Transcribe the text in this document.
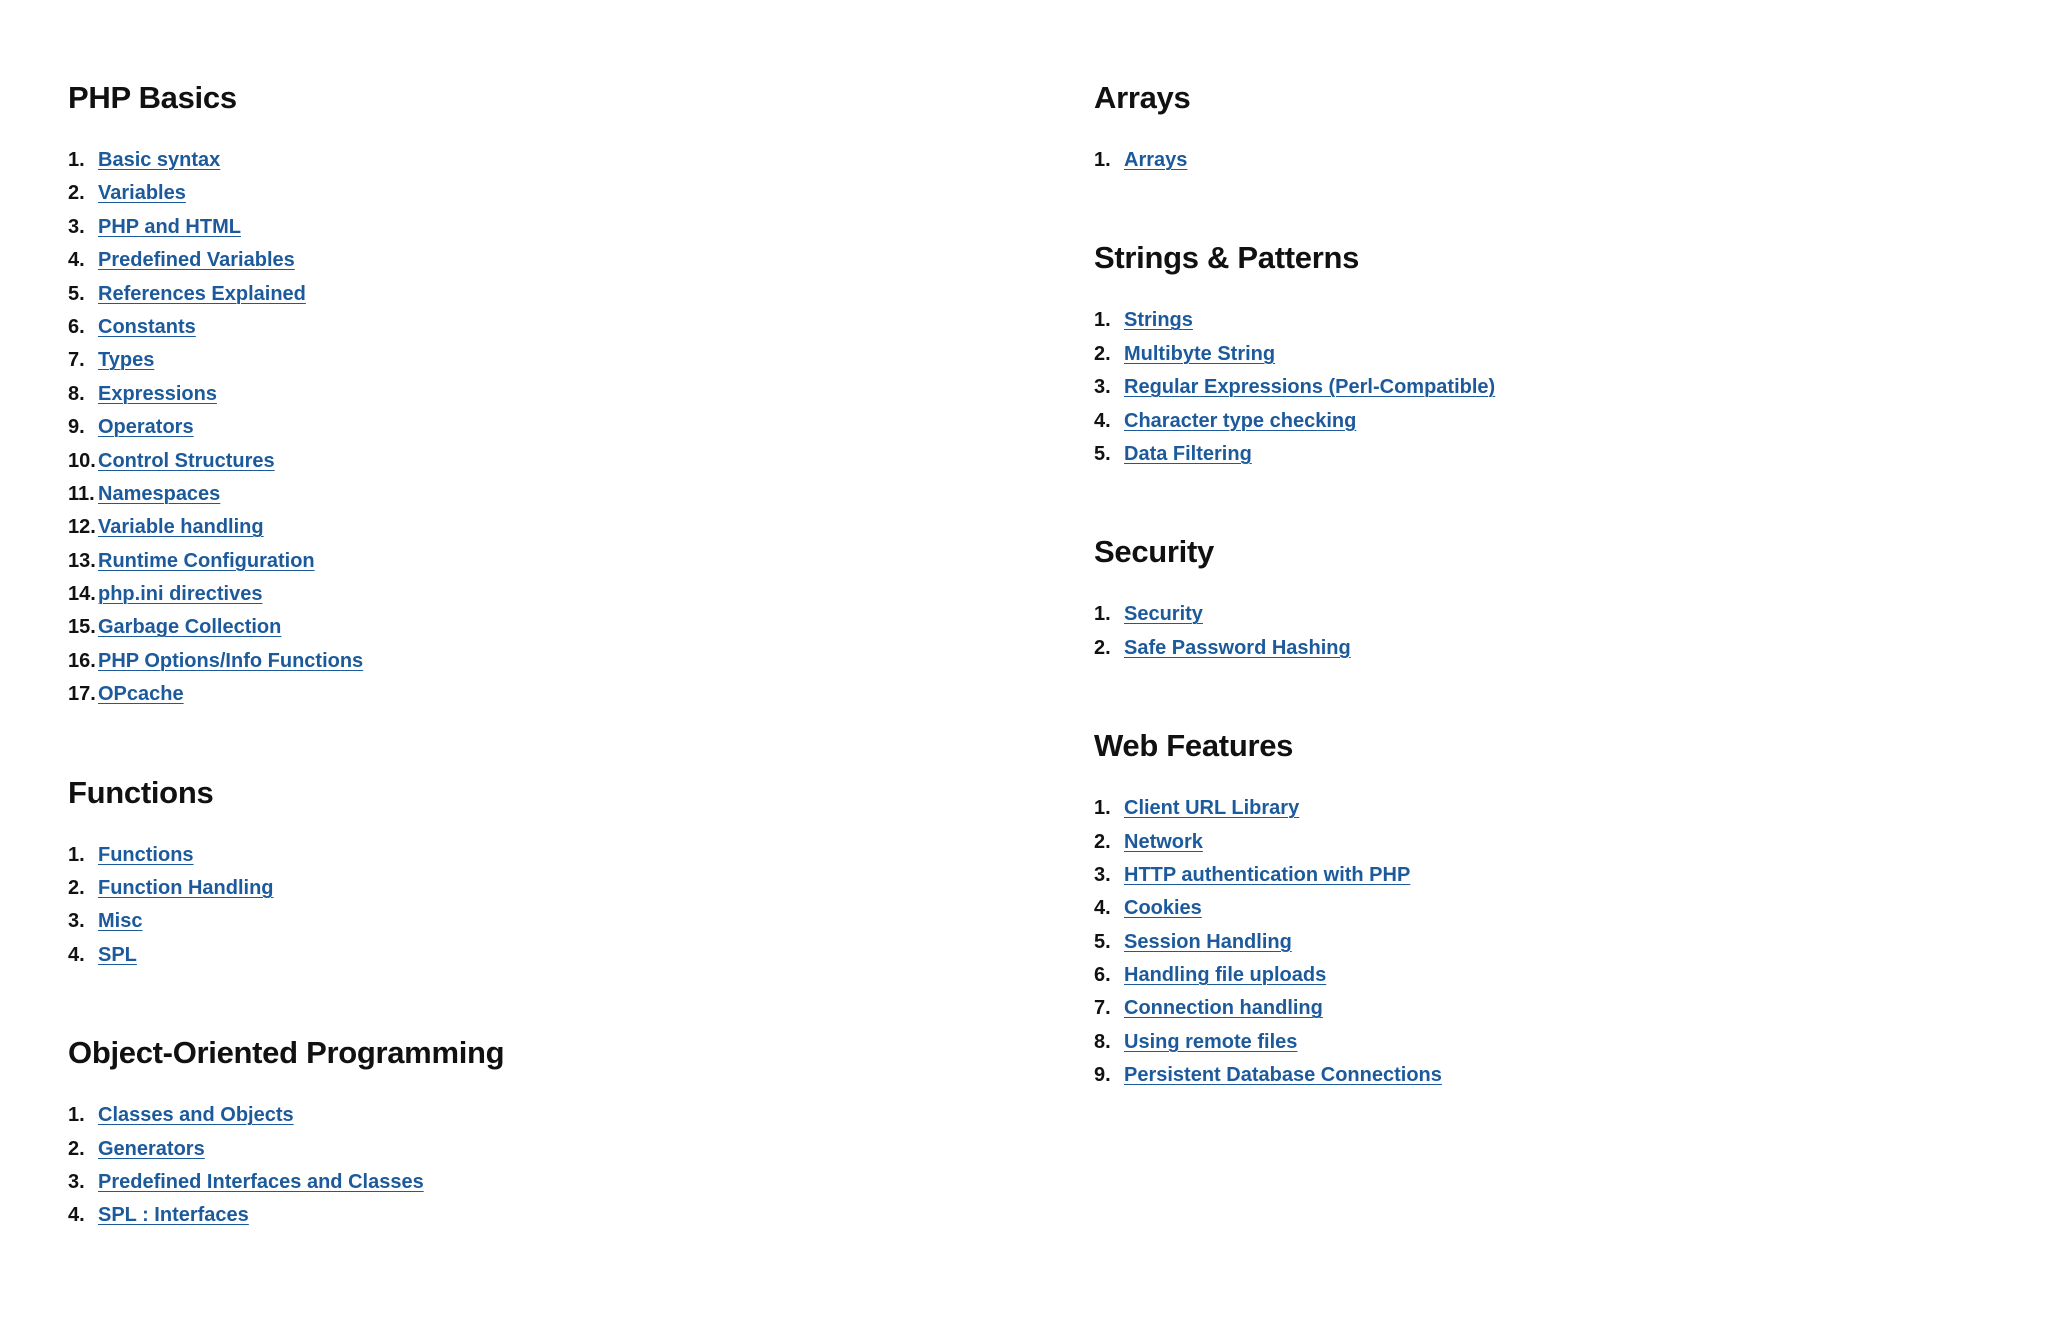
PHP Basics
1. Basic syntax
2. Variables
3. PHP and HTML
4. Predefined Variables
5. References Explained
6. Constants
7. Types
8. Expressions
9. Operators
10. Control Structures
11. Namespaces
12. Variable handling
13. Runtime Configuration
14. php.ini directives
15. Garbage Collection
16. PHP Options/Info Functions
17. OPcache
Functions
1. Functions
2. Function Handling
3. Misc
4. SPL
Object-Oriented Programming
1. Classes and Objects
2. Generators
3. Predefined Interfaces and Classes
4. SPL : Interfaces
Arrays
1. Arrays
Strings & Patterns
1. Strings
2. Multibyte String
3. Regular Expressions (Perl-Compatible)
4. Character type checking
5. Data Filtering
Security
1. Security
2. Safe Password Hashing
Web Features
1. Client URL Library
2. Network
3. HTTP authentication with PHP
4. Cookies
5. Session Handling
6. Handling file uploads
7. Connection handling
8. Using remote files
9. Persistent Database Connections
